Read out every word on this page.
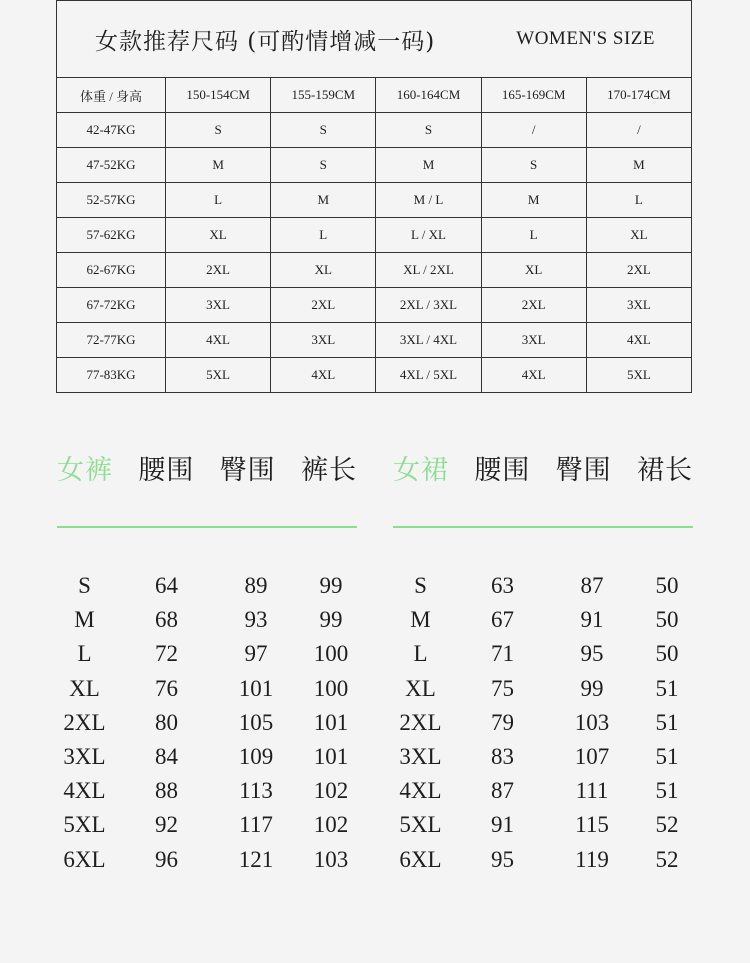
女款推荐尺码 (可酌情增减一码) WOMEN'S SIZE					

体重 / 身高	150-154CM	155-159CM	160-164CM	165-169CM	170-174CM
42-47KG	S	S	S	/	/
47-52KG	M	S	M	S	M
52-57KG	L	M	M / L	M	L
57-62KG	XL	L	L / XL	L	XL
62-67KG	2XL	XL	XL / 2XL	XL	2XL
67-72KG	3XL	2XL	2XL / 3XL	2XL	3XL
72-77KG	4XL	3XL	3XL / 4XL	3XL	4XL
77-83KG	5XL	4XL	4XL / 5XL	4XL	5XL
女裤 腰围 臀围 裤长
S	64	89	99
M	68	93	99
L	72	97	100
XL	76	101	100
2XL	80	105	101
3XL	84	109	101
4XL	88	113	102
5XL	92	117	102
6XL	96	121	103
女裙 腰围 臀围 裙长
S	63	87	50
M	67	91	50
L	71	95	50
XL	75	99	51
2XL	79	103	51
3XL	83	107	51
4XL	87	111	51
5XL	91	115	52
6XL	95	119	52
